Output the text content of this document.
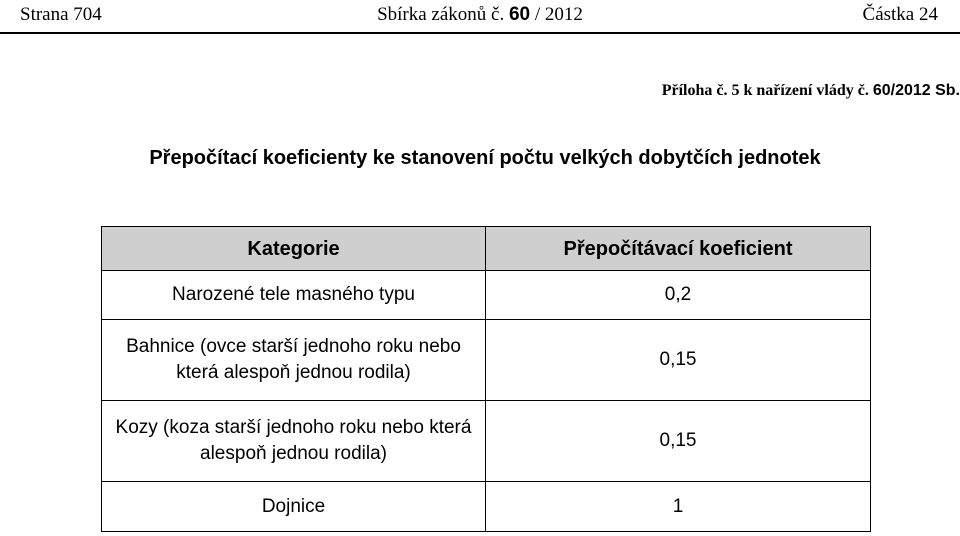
Strana 704	Sbírka zákonů č. 60 / 2012	Částka 24
Příloha č. 5 k nařízení vlády č. 60/2012 Sb.
Přepočítací koeficienty ke stanovení počtu velkých dobytčích jednotek
Kategorie	Přepočítávací koeficient
Narozené tele masného typu	0,2
Bahnice (ovce starší jednoho roku nebo která alespoň jednou rodila)	0,15
Kozy (koza starší jednoho roku nebo která alespoň jednou rodila)	0,15
Dojnice	1
